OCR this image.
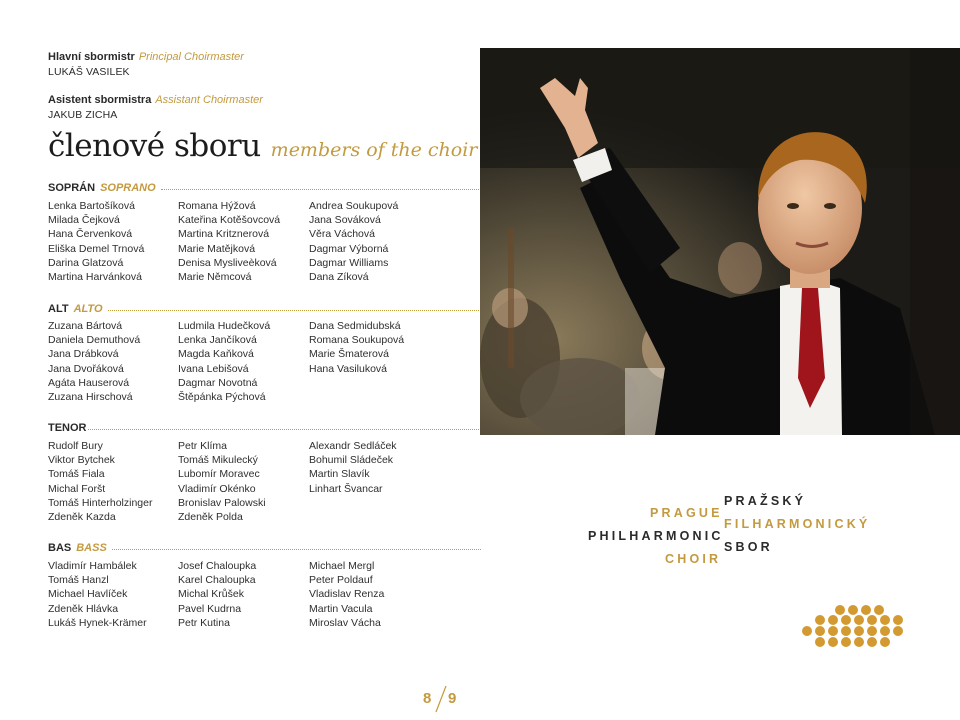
Hlavní sbormistr Principal Choirmaster
LUKÁŠ VASILEK
Asistent sbormistra Assistant Choirmaster
JAKUB ZICHA
členové sboru members of the choir
SOPRÁN SOPRANO
Lenka Bartošíková
Milada Čejková
Hana Červenková
Eliška Demel Trnová
Darina Glatzová
Martina Harvánková
Romana Hýžová
Kateřina Kotěšovcová
Martina Kritznerová
Marie Matějková
Denisa Mysliveèková
Marie Němcová
Andrea Soukupová
Jana Sováková
Věra Váchová
Dagmar Výborná
Dagmar Williams
Dana Zíková
ALT ALTO
Zuzana Bártová
Daniela Demuthová
Jana Drábková
Jana Dvořáková
Agáta Hauserová
Zuzana Hirschová
Ludmila Hudečková
Lenka Jančíková
Magda Kaňková
Ivana Lebišová
Dagmar Novotná
Štěpánka Pýchová
Dana Sedmidubská
Romana Soukupová
Marie Šmaterová
Hana Vasiluková
TENOR
Rudolf Bury
Viktor Bytchek
Tomáš Fiala
Michal Foršt
Tomáš Hinterholzinger
Zdeněk Kazda
Petr Klíma
Tomáš Mikulecký
Lubomír Moravec
Vladimír Okénko
Bronislav Palowski
Zdeněk Polda
Alexandr Sedláček
Bohumil Sládeček
Martin Slavík
Linhart Švancar
BAS BASS
Vladimír Hambálek
Tomáš Hanzl
Michael Havlíček
Zdeněk Hlávka
Lukáš Hynek-Krämer
Josef Chaloupka
Karel Chaloupka
Michal Krůšek
Pavel Kudrna
Petr Kutina
Michael Mergl
Peter Poldauf
Vladislav Renza
Martin Vacula
Miroslav Vácha
PRAGUE
PHILHARMONIC
CHOIR
PRAŽSKÝ
FILHARMONICKÝ
SBOR
8 9
